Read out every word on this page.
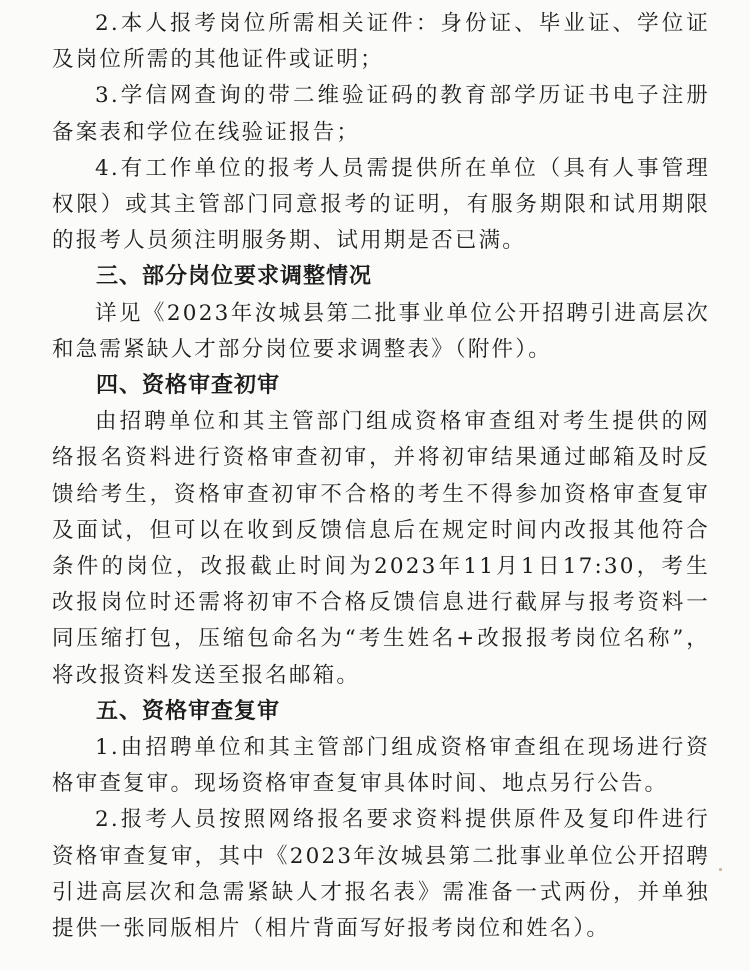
2.本人报考岗位所需相关证件：身份证、毕业证、学位证及岗位所需的其他证件或证明；

3.学信网查询的带二维验证码的教育部学历证书电子注册备案表和学位在线验证报告；

4.有工作单位的报考人员需提供所在单位（具有人事管理权限）或其主管部门同意报考的证明，有服务期限和试用期限的报考人员须注明服务期、试用期是否已满。

三、部分岗位要求调整情况

详见《2023年汝城县第二批事业单位公开招聘引进高层次和急需紧缺人才部分岗位要求调整表》（附件）。

四、资格审查初审

由招聘单位和其主管部门组成资格审查组对考生提供的网络报名资料进行资格审查初审，并将初审结果通过邮箱及时反馈给考生，资格审查初审不合格的考生不得参加资格审查复审及面试，但可以在收到反馈信息后在规定时间内改报其他符合条件的岗位，改报截止时间为2023年11月1日17:30，考生改报岗位时还需将初审不合格反馈信息进行截屏与报考资料一同压缩打包，压缩包命名为“考生姓名+改报报考岗位名称”，将改报资料发送至报名邮箱。

五、资格审查复审

1.由招聘单位和其主管部门组成资格审查组在现场进行资格审查复审。现场资格审查复审具体时间、地点另行公告。

2.报考人员按照网络报名要求资料提供原件及复印件进行资格审查复审，其中《2023年汝城县第二批事业单位公开招聘引进高层次和急需紧缺人才报名表》需准备一式两份，并单独提供一张同版相片（相片背面写好报考岗位和姓名）。
